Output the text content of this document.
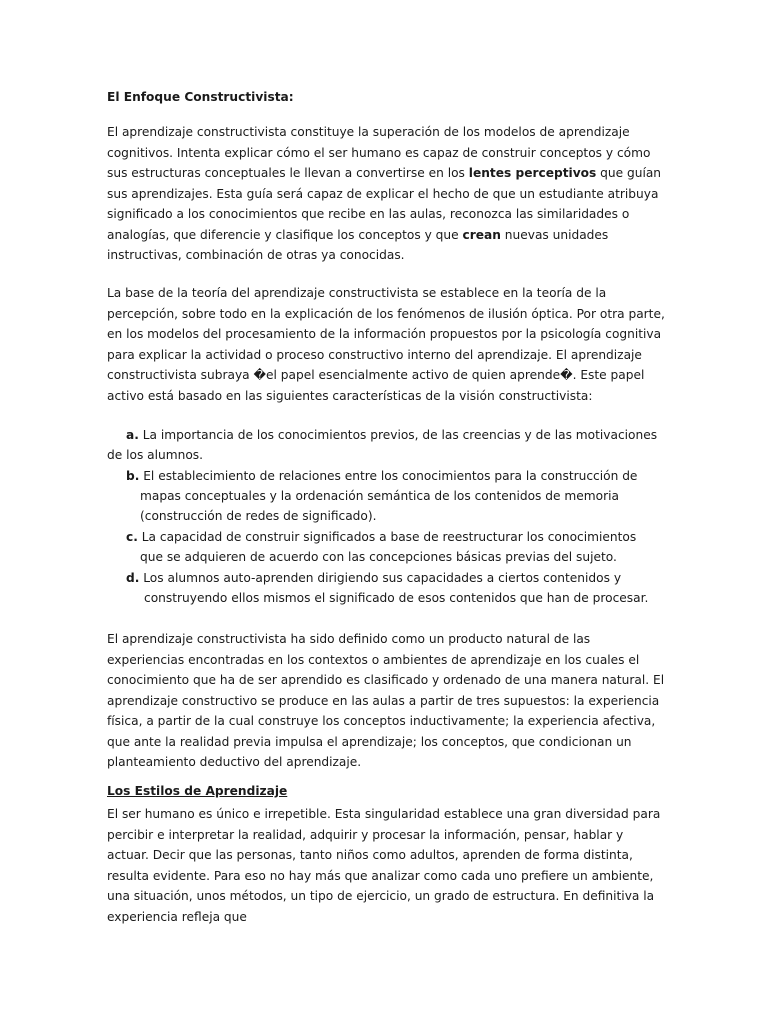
El Enfoque Constructivista:
El aprendizaje constructivista constituye la superación de los modelos de aprendizaje cognitivos. Intenta explicar cómo el ser humano es capaz de construir conceptos y cómo sus estructuras conceptuales le llevan a convertirse en los lentes perceptivos que guían sus aprendizajes. Esta guía será capaz de explicar el hecho de que un estudiante atribuya significado a los conocimientos que recibe en las aulas, reconozca las similaridades o analogías, que diferencie y clasifique los conceptos y que crean nuevas unidades instructivas, combinación de otras ya conocidas.
La base de la teoría del aprendizaje constructivista se establece en la teoría de la percepción, sobre todo en la explicación de los fenómenos de ilusión óptica. Por otra parte, en los modelos del procesamiento de la información propuestos por la psicología cognitiva para explicar la actividad o proceso constructivo interno del aprendizaje. El aprendizaje constructivista subraya �el papel esencialmente activo de quien aprende�. Este papel activo está basado en las siguientes características de la visión constructivista:
a. La importancia de los conocimientos previos, de las creencias y de las motivaciones
de los alumnos.
b. El establecimiento de relaciones entre los conocimientos para la construcción de
mapas conceptuales y la ordenación semántica de los contenidos de memoria
(construcción de redes de significado).
c. La capacidad de construir significados a base de reestructurar los conocimientos
que se adquieren de acuerdo con las concepciones básicas previas del sujeto.
d. Los alumnos auto-aprenden dirigiendo sus capacidades a ciertos contenidos y
construyendo ellos mismos el significado de esos contenidos que han de procesar.
El aprendizaje constructivista ha sido definido como un producto natural de las experiencias encontradas en los contextos o ambientes de aprendizaje en los cuales el conocimiento que ha de ser aprendido es clasificado y ordenado de una manera natural. El aprendizaje constructivo se produce en las aulas a partir de tres supuestos: la experiencia física, a partir de la cual construye los conceptos inductivamente; la experiencia afectiva, que ante la realidad previa impulsa el aprendizaje; los conceptos, que condicionan un planteamiento deductivo del aprendizaje.
Los Estilos de Aprendizaje
El ser humano es único e irrepetible. Esta singularidad establece una gran diversidad para percibir e interpretar la realidad, adquirir y procesar la información, pensar, hablar y actuar. Decir que las personas, tanto niños como adultos, aprenden de forma distinta, resulta evidente. Para eso no hay más que analizar como cada uno prefiere un ambiente, una situación, unos métodos, un tipo de ejercicio, un grado de estructura. En definitiva la experiencia refleja que
